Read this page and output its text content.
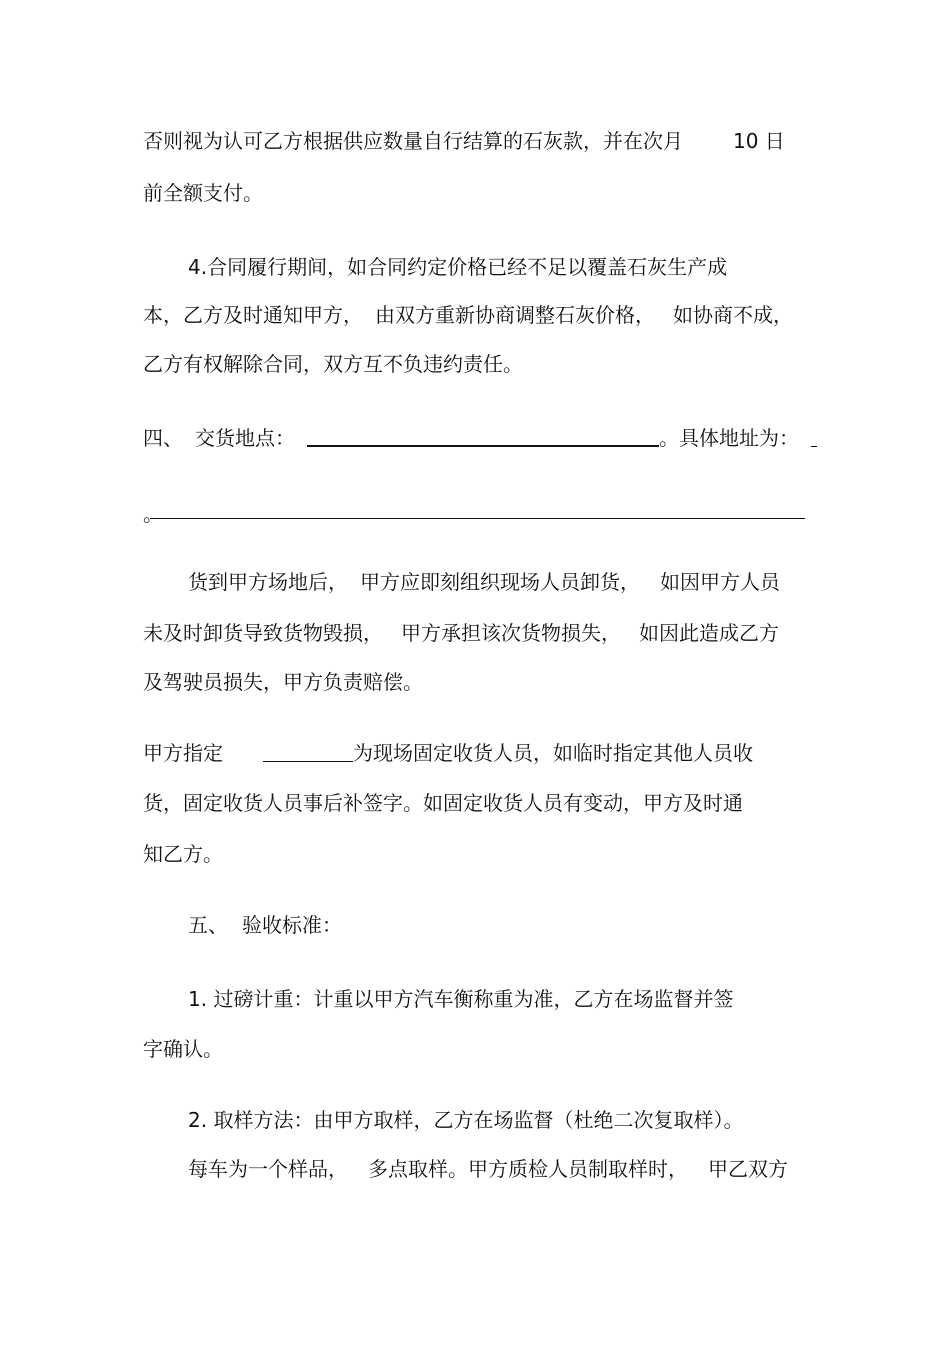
否则视为认可乙方根据供应数量自行结算的石灰款，并在次月	10 日
前全额支付。
4.合同履行期间，如合同约定价格已经不足以覆盖石灰生产成
本，乙方及时通知甲方， 由双方重新协商调整石灰价格， 如协商不成，
乙方有权解除合同，双方互不负违约责任。
四、 交货地点：	。具体地址为：
。
货到甲方场地后， 甲方应即刻组织现场人员卸货， 如因甲方人员
未及时卸货导致货物毁损， 甲方承担该次货物损失， 如因此造成乙方
及驾驶员损失，甲方负责赔偿。
甲方指定	为现场固定收货人员，如临时指定其他人员收
货，固定收货人员事后补签字。如固定收货人员有变动，甲方及时通
知乙方。
五、 验收标准：
1. 过磅计重：计重以甲方汽车衡称重为准，乙方在场监督并签
字确认。
2. 取样方法：由甲方取样，乙方在场监督（杜绝二次复取样）。
每车为一个样品， 多点取样。甲方质检人员制取样时， 甲乙双方
